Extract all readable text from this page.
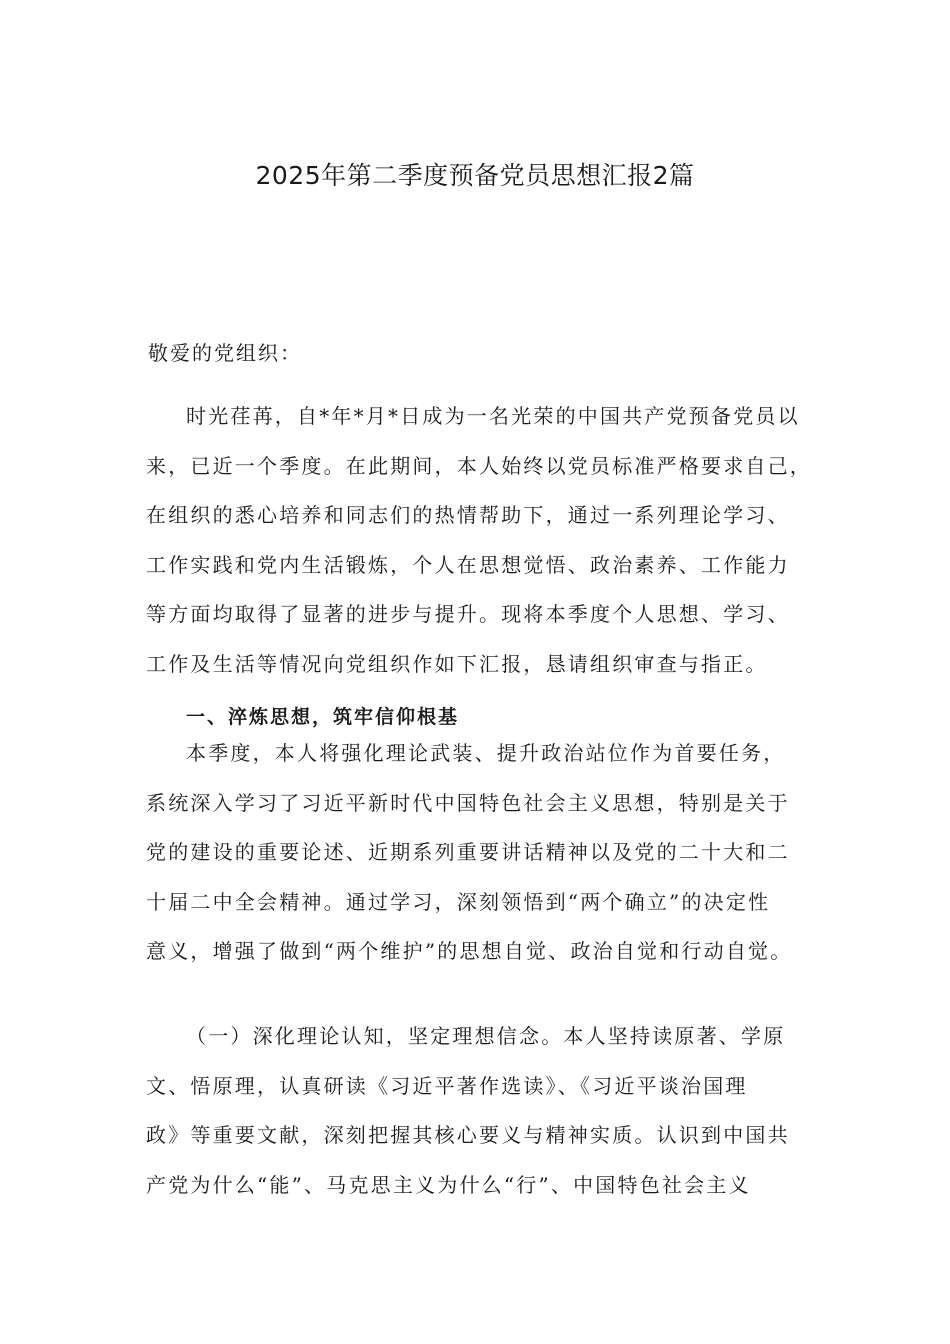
2025年第二季度预备党员思想汇报2篇

敬爱的党组织：

时光荏苒，自*年*月*日成为一名光荣的中国共产党预备党员以
来，已近一个季度。在此期间，本人始终以党员标准严格要求自己，
在组织的悉心培养和同志们的热情帮助下，通过一系列理论学习、
工作实践和党内生活锻炼，个人在思想觉悟、政治素养、工作能力
等方面均取得了显著的进步与提升。现将本季度个人思想、学习、
工作及生活等情况向党组织作如下汇报，恳请组织审查与指正。

一、淬炼思想，筑牢信仰根基

本季度，本人将强化理论武装、提升政治站位作为首要任务，
系统深入学习了习近平新时代中国特色社会主义思想，特别是关于
党的建设的重要论述、近期系列重要讲话精神以及党的二十大和二
十届二中全会精神。通过学习，深刻领悟到“两个确立”的决定性
意义，增强了做到“两个维护”的思想自觉、政治自觉和行动自觉。

（一）深化理论认知，坚定理想信念。本人坚持读原著、学原
文、悟原理，认真研读《习近平著作选读》、《习近平谈治国理
政》等重要文献，深刻把握其核心要义与精神实质。认识到中国共
产党为什么“能”、马克思主义为什么“行”、中国特色社会主义
